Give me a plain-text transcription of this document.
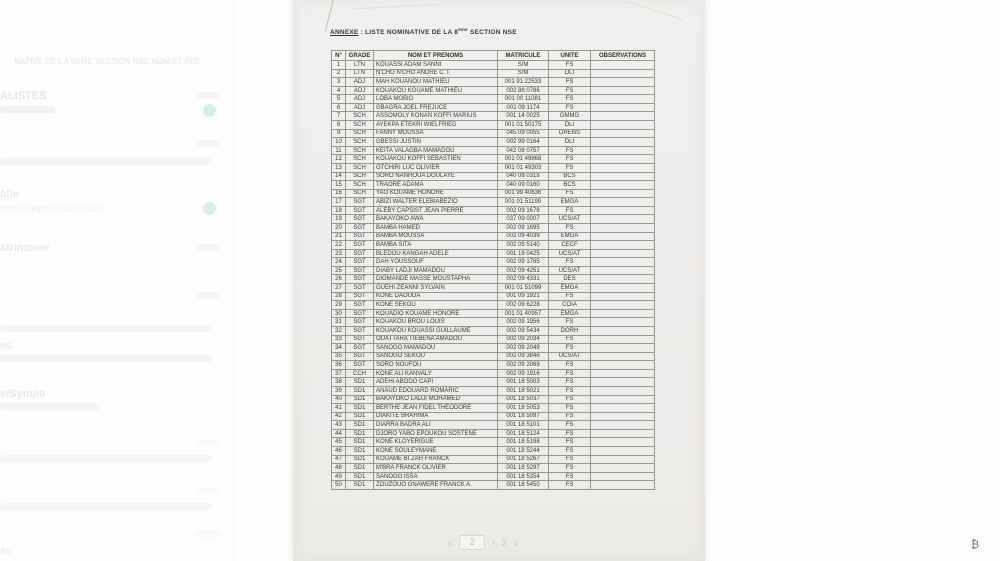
NATIVE DE LA 8EME SECTION NSE NOM ET PRE
ALISTES
atie
france3/regions/2022/07/11/a
atrimoine
es
s/Sympa
ss
ANNEXE : LISTE NOMINATIVE DE LA 8ème SECTION NSE
N°	GRADE	NOM ET PRENOMS	MATRICULE	UNITE	OBSERVATIONS
1	LTN	KOUASSI ADAM SANNI	S/M	FS	
2	LTN	N'CHO N'CHO ANDRE C. I.	S/M	DLI	
3	ADJ	MAH KOUANOU MATHIEU	001 91 22533	FS	
4	ADJ	KOUAKOU KOUAME MATHIEU	002 88 0786	FS	
5	ADJ	LOBA MOBIO	001 00 11081	FS	
6	ADJ	GBAGRA JOEL FREJUCE	001 09 1174	FS	
7	SCH	ASSOMOLY KONAN KOFFI MARIUS	001 14 0025	GMMG	
8	SCH	AYEKPA ETEKRI WIELFRIED	001 01 50175	DLI	
9	SCH	FANNY MOUSSA	045 09 0055	DRENS	
10	SCH	GBESSI JUSTIN	002 99 0164	DLI	
11	SCH	KEITA VALAGBA MAMADOU	042 08 0757	FS	
12	SCH	KOUAKOU KOFFI SEBASTIEN	001 01 49868	FS	
13	SCH	OTCHIRI LUC OLIVIER	001 01 49303	FS	
14	SCH	SORO NANHOUA DOULAYE	040 08 0318	BCS	
15	SCH	TRAORE ADAMA	040 09 0160	BCS	
16	SCH	YAO KOUAME HONORE	001 99 40636	FS	
17	SGT	ABIZI WALTER ELEBIABEZIO	001 01 51199	EMGA	
18	SGT	ALEBY CAPSIST JEAN PIERRE	002 09 1678	FS	
19	SGT	BAKAYOKO AWA	037 09 0007	UCS/AT	
20	SGT	BAMBA HAMED	002 09 1695	FS	
21	SGT	BAMBA MOUSSA	002 09 4039	EMGA	
22	SGT	BAMBA SITA	002 09 5140	CECF	
23	SGT	BLEDOU KANGAH ADELE	001 19 0425	UCS/AT	
24	SGT	DAH YOUSSOUF	002 09 1765	FS	
25	SGT	DIABY LADJI MAMADOU	002 09 4251	UCS/AT	
26	SGT	DIOMANDE MASSE MOUSTAPHA	002 09 4331	DES	
27	SGT	GUEHI ZEANNI SYLVAIN	001 01 51099	EMGA	
28	SGT	KONE DAOUDA	001 09 1921	FS	
29	SGT	KONE SEKOU	002 09 6228	COIA	
30	SGT	KOUADIO KOUAME HONORE	001 01 40957	EMGA	
31	SGT	KOUAKOU BROU LOUIS	002 09 1956	FS	
32	SGT	KOUAKOU KOUASSI GUILLAUME	002 09 5434	DORH	
33	SGT	OUATTARA TIEBENA AMADOU	002 09 2034	FS	
34	SGT	SANOGO MAMADOU	002 09 2049	FS	
35	SGT	SANOGO SEKOU	002 09 3846	UCS/AT	
36	SGT	SORO NOUFOU	002 09 2069	FS	
37	CCH	KONE ALI KANVALY	002 09 1916	FS	
38	SD1	ADEHI ABODO CAPI	001 18 5003	FS	
39	SD1	ANAUD EDOUARD ROMARIC	001 18 5021	FS	
40	SD1	BAKAYOKO LADJI MOHAMED	001 18 5037	FS	
41	SD1	BERTHE JEAN FIDEL THEODORE	001 18 5053	FS	
42	SD1	DIAKITE BRAHIMA	001 18 5097	FS	
43	SD1	DIARRA BADRA ALI	001 18 5101	FS	
44	SD1	DJORO YABO EPOUKOU SOSTENE	001 18 5124	FS	
45	SD1	KONE KLOYERIGUE	001 18 5198	FS	
46	SD1	KONE SOULEYMANE	001 18 5244	FS	
47	SD1	KOUAME BI ZAH FRANCK	001 18 5267	FS	
48	SD1	M'BRA FRANCK OLIVIER	001 18 5297	FS	
49	SD1	SANOGO ISSA	001 18 5354	FS	
50	SD1	ZOUZOUO GNAWERE FRANCK A.	001 18 5450	FS	
‹	2	/ 2 ›	₿
